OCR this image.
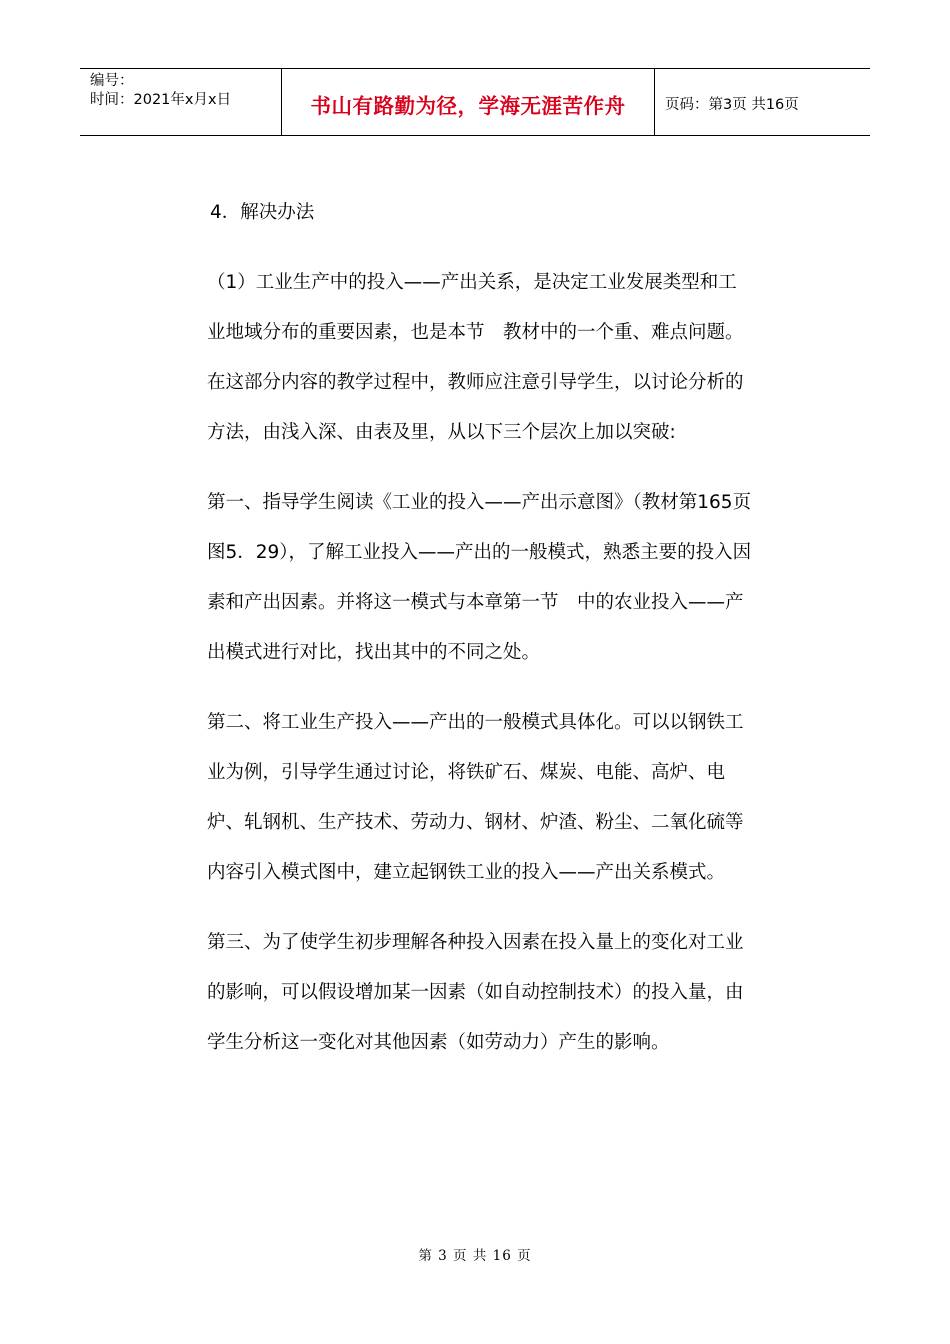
编号：
时间：2021年x月x日	书山有路勤为径，学海无涯苦作舟	页码：第3页 共16页

4．解决办法

（1）工业生产中的投入——产出关系，是决定工业发展类型和工业地域分布的重要因素，也是本节　教材中的一个重、难点问题。在这部分内容的教学过程中，教师应注意引导学生，以讨论分析的方法，由浅入深、由表及里，从以下三个层次上加以突破:

第一、指导学生阅读《工业的投入——产出示意图》（教材第165页图5．29），了解工业投入——产出的一般模式，熟悉主要的投入因素和产出因素。并将这一模式与本章第一节　中的农业投入——产出模式进行对比，找出其中的不同之处。

第二、将工业生产投入——产出的一般模式具体化。可以以钢铁工业为例，引导学生通过讨论，将铁矿石、煤炭、电能、高炉、电炉、轧钢机、生产技术、劳动力、钢材、炉渣、粉尘、二氧化硫等内容引入模式图中，建立起钢铁工业的投入——产出关系模式。

第三、为了使学生初步理解各种投入因素在投入量上的变化对工业的影响，可以假设增加某一因素（如自动控制技术）的投入量，由学生分析这一变化对其他因素（如劳动力）产生的影响。

第 3 页 共 16 页
